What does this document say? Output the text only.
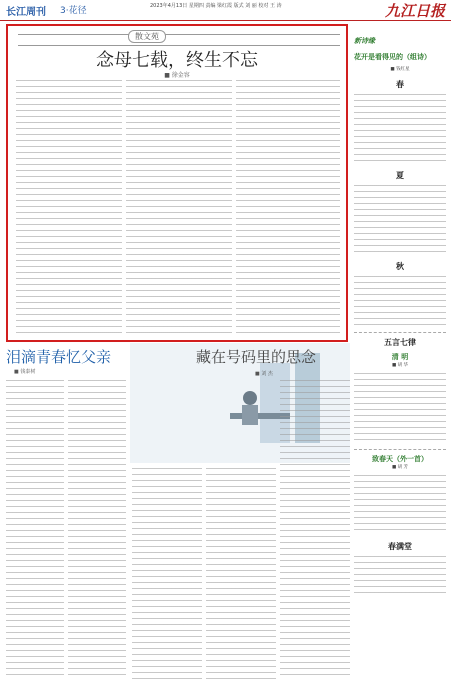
长江周刊 3·花径	2023年4月13日 星期四 责编 梁红霞 版式 刘 丽 校对 王 涛	九江日报
散文苑
念母七载，终生不忘
■ 徐金容
泪滴青春忆父亲
■ 钱泰树
藏在号码里的思念
■ 刘 杰
新诗缘
花开是看得见的（组诗）
■ 钱红星
春
夏
秋
五言七律
清 明
■ 胡 华
致春天（外一首）
■ 胡 芳
春满堂
